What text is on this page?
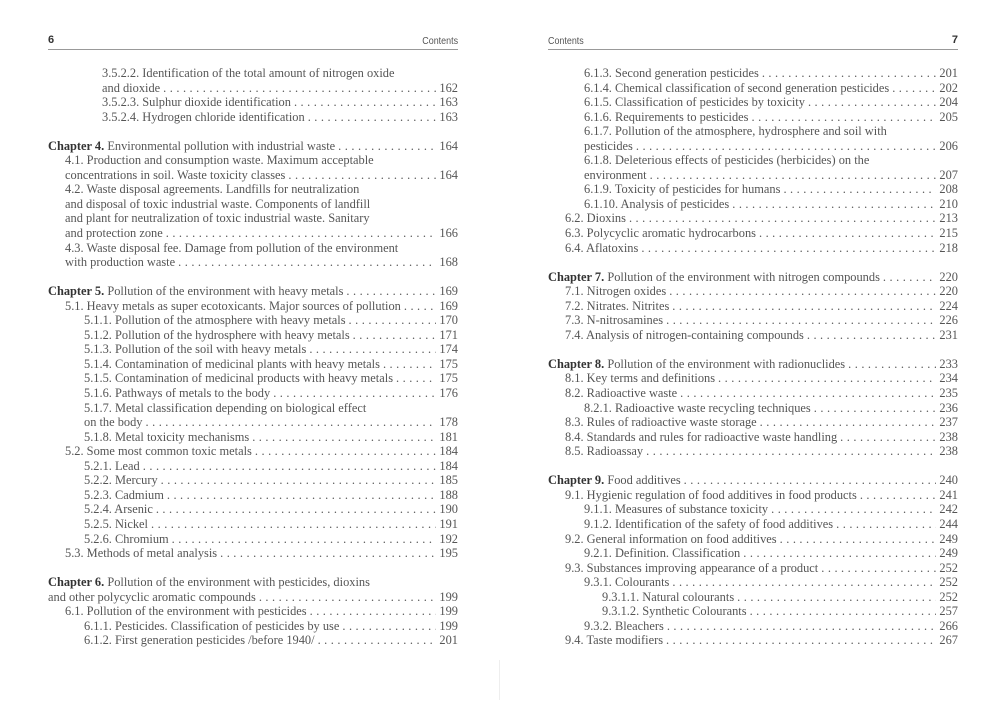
6	Contents
3.5.2.2. Identification of the total amount of nitrogen oxide
and dioxide . . .	162
3.5.2.3. Sulphur dioxide identification . . .	163
3.5.2.4. Hydrogen chloride identification . . .	163
Chapter 4. Environmental pollution with industrial waste . . .	164
4.1. Production and consumption waste. Maximum acceptable
concentrations in soil. Waste toxicity classes . . .	164
4.2. Waste disposal agreements. Landfills for neutralization
and disposal of toxic industrial waste. Components of landfill
and plant for neutralization of toxic industrial waste. Sanitary
and protection zone . . .	166
4.3. Waste disposal fee. Damage from pollution of the environment
with production waste . . .	168
Chapter 5. Pollution of the environment with heavy metals . . .	169
5.1. Heavy metals as super ecotoxicants. Major sources of pollution . . .	169
5.1.1. Pollution of the atmosphere with heavy metals . . .	170
5.1.2. Pollution of the hydrosphere with heavy metals . . .	171
5.1.3. Pollution of the soil with heavy metals . . .	174
5.1.4. Contamination of medicinal plants with heavy metals . . .	175
5.1.5. Contamination of medicinal products with heavy metals . . .	175
5.1.6. Pathways of metals to the body . . .	176
5.1.7. Metal classification depending on biological effect
on the body . . .	178
5.1.8. Metal toxicity mechanisms . . .	181
5.2. Some most common toxic metals . . .	184
5.2.1. Lead . . .	184
5.2.2. Mercury . . .	185
5.2.3. Cadmium . . .	188
5.2.4. Arsenic . . .	190
5.2.5. Nickel . . .	191
5.2.6. Chromium . . .	192
5.3. Methods of metal analysis . . .	195
Chapter 6. Pollution of the environment with pesticides, dioxins
and other polycyclic aromatic compounds . . .	199
6.1. Pollution of the environment with pesticides . . .	199
6.1.1. Pesticides. Classification of pesticides by use . . .	199
6.1.2. First generation pesticides /before 1940/ . . .	201
Contents	7
6.1.3. Second generation pesticides . . .	201
6.1.4. Chemical classification of second generation pesticides . . .	202
6.1.5. Classification of pesticides by toxicity . . .	204
6.1.6. Requirements to pesticides . . .	205
6.1.7. Pollution of the atmosphere, hydrosphere and soil with
pesticides . . .	206
6.1.8. Deleterious effects of pesticides (herbicides) on the
environment . . .	207
6.1.9. Toxicity of pesticides for humans . . .	208
6.1.10. Analysis of pesticides . . .	210
6.2. Dioxins . . .	213
6.3. Polycyclic aromatic hydrocarbons . . .	215
6.4. Aflatoxins . . .	218
Chapter 7. Pollution of the environment with nitrogen compounds . . .	220
7.1. Nitrogen oxides . . .	220
7.2. Nitrates. Nitrites . . .	224
7.3. N-nitrosamines . . .	226
7.4. Analysis of nitrogen-containing compounds . . .	231
Chapter 8. Pollution of the environment with radionuclides . . .	233
8.1. Key terms and definitions . . .	234
8.2. Radioactive waste . . .	235
8.2.1. Radioactive waste recycling techniques . . .	236
8.3. Rules of radioactive waste storage . . .	237
8.4. Standards and rules for radioactive waste handling . . .	238
8.5. Radioassay . . .	238
Chapter 9. Food additives . . .	240
9.1. Hygienic regulation of food additives in food products . . .	241
9.1.1. Measures of substance toxicity . . .	242
9.1.2. Identification of the safety of food additives . . .	244
9.2. General information on food additives . . .	249
9.2.1. Definition. Classification . . .	249
9.3. Substances improving appearance of a product . . .	252
9.3.1. Colourants . . .	252
9.3.1.1. Natural colourants . . .	252
9.3.1.2. Synthetic Colourants . . .	257
9.3.2. Bleachers . . .	266
9.4. Taste modifiers . . .	267
